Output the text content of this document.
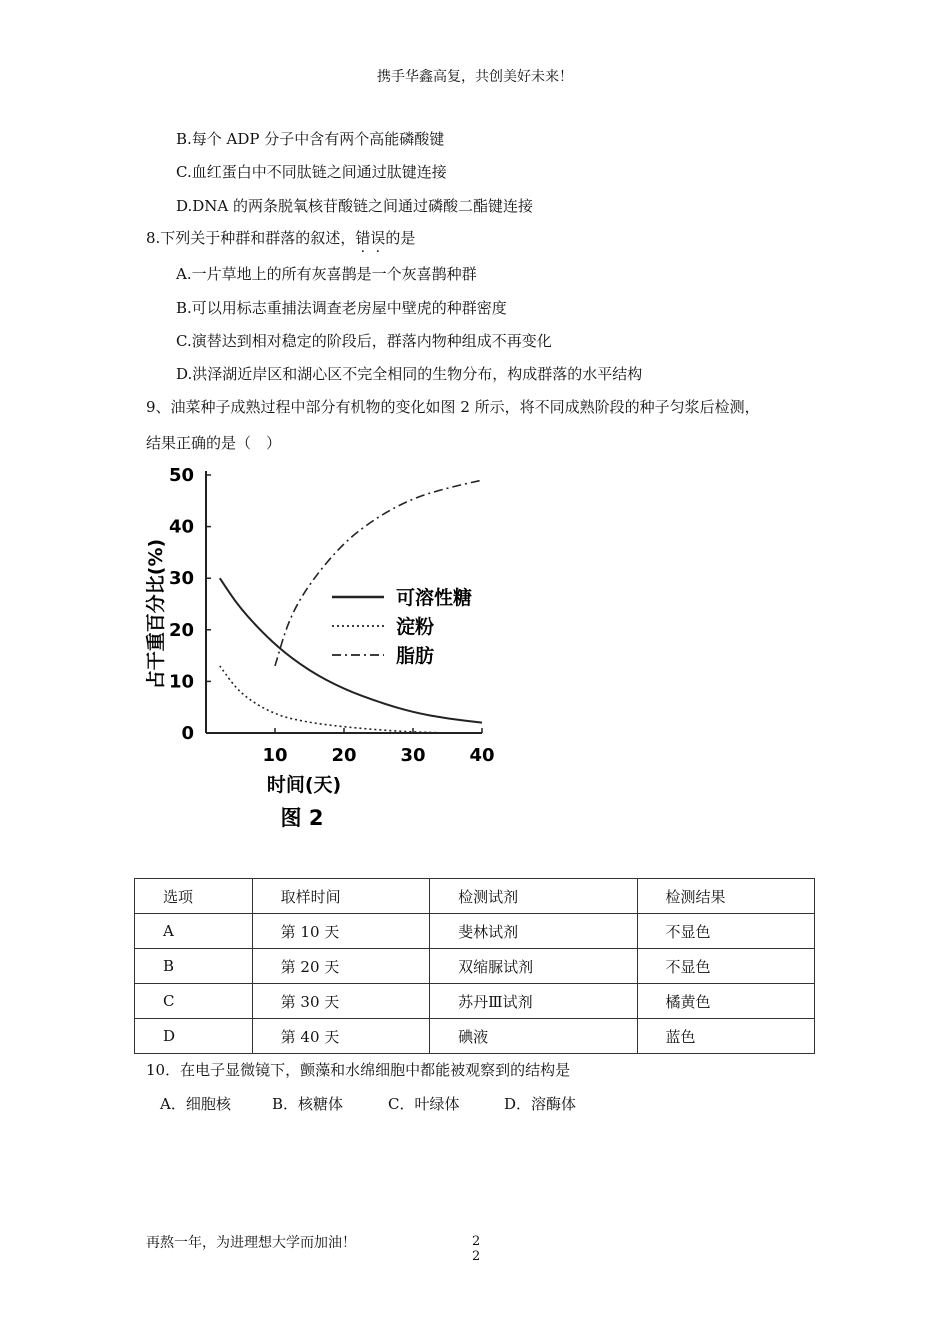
携手华鑫高复，共创美好未来！
B.每个 ADP 分子中含有两个高能磷酸键
C.血红蛋白中不同肽链之间通过肽键连接
D.DNA 的两条脱氧核苷酸链之间通过磷酸二酯键连接
8.下列关于种群和群落的叙述，错误的是
A.一片草地上的所有灰喜鹊是一个灰喜鹊种群
B.可以用标志重捕法调查老房屋中壁虎的种群密度
C.演替达到相对稳定的阶段后，群落内物种组成不再变化
D.洪泽湖近岸区和湖心区不完全相同的生物分布，构成群落的水平结构
9、油菜种子成熟过程中部分有机物的变化如图 2 所示，将不同成熟阶段的种子匀浆后检测，
结果正确的是（　）
0
10
20
30
40
50
10 20 30 40
时间(天)
占干重百分比(%)	可溶性糖
淀粉
脂肪
图 2
选项	取样时间	检测试剂	检测结果
A	第 10 天	斐林试剂	不显色
B	第 20 天	双缩脲试剂	不显色
C	第 30 天	苏丹Ⅲ试剂	橘黄色
D	第 40 天	碘液	蓝色
10．在电子显微镜下，颤藻和水绵细胞中都能被观察到的结构是
A．细胞核	B．核糖体	C．叶绿体	D．溶酶体
再熬一年，为进理想大学而加油！	2
2
